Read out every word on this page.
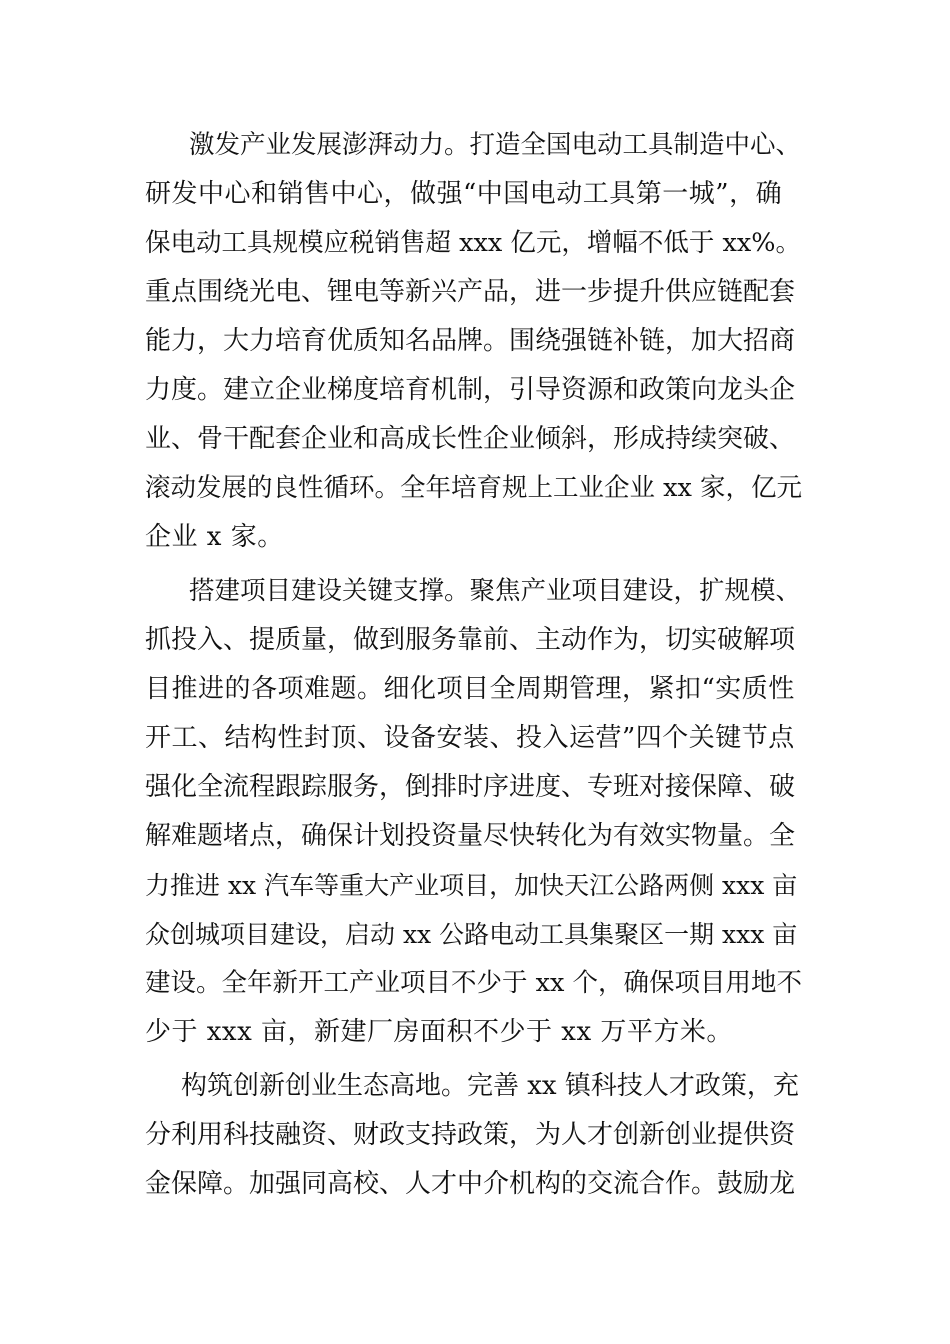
激发产业发展澎湃动力。打造全国电动工具制造中心、
研发中心和销售中心，做强“中国电动工具第一城”，确
保电动工具规模应税销售超 xxx 亿元，增幅不低于 xx%。
重点围绕光电、锂电等新兴产品，进一步提升供应链配套
能力，大力培育优质知名品牌。围绕强链补链，加大招商
力度。建立企业梯度培育机制，引导资源和政策向龙头企
业、骨干配套企业和高成长性企业倾斜，形成持续突破、
滚动发展的良性循环。全年培育规上工业企业 xx 家，亿元
企业 x 家。
搭建项目建设关键支撑。聚焦产业项目建设，扩规模、
抓投入、提质量，做到服务靠前、主动作为，切实破解项
目推进的各项难题。细化项目全周期管理，紧扣“实质性
开工、结构性封顶、设备安装、投入运营”四个关键节点
强化全流程跟踪服务，倒排时序进度、专班对接保障、破
解难题堵点，确保计划投资量尽快转化为有效实物量。全
力推进 xx 汽车等重大产业项目，加快天江公路两侧 xxx 亩
众创城项目建设，启动 xx 公路电动工具集聚区一期 xxx 亩
建设。全年新开工产业项目不少于 xx 个，确保项目用地不
少于 xxx 亩，新建厂房面积不少于 xx 万平方米。
构筑创新创业生态高地。完善 xx 镇科技人才政策，充
分利用科技融资、财政支持政策，为人才创新创业提供资
金保障。加强同高校、人才中介机构的交流合作。鼓励龙
